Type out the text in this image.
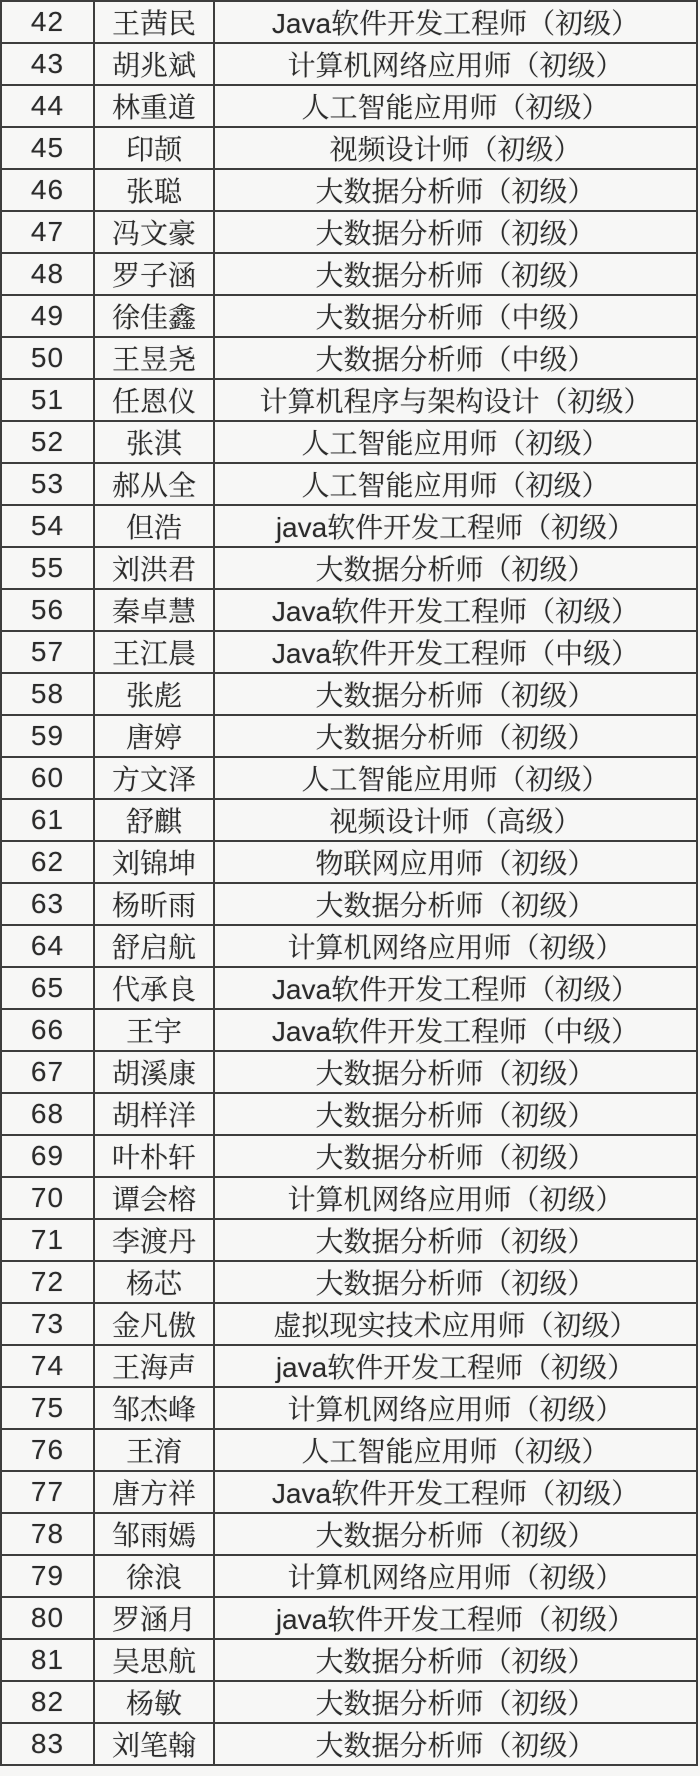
42	王茜民	Java软件开发工程师（初级）
43	胡兆斌	计算机网络应用师（初级）
44	林重道	人工智能应用师（初级）
45	印颉	视频设计师（初级）
46	张聪	大数据分析师（初级）
47	冯文豪	大数据分析师（初级）
48	罗子涵	大数据分析师（初级）
49	徐佳鑫	大数据分析师（中级）
50	王昱尧	大数据分析师（中级）
51	任恩仪	计算机程序与架构设计（初级）
52	张淇	人工智能应用师（初级）
53	郝从全	人工智能应用师（初级）
54	但浩	java软件开发工程师（初级）
55	刘洪君	大数据分析师（初级）
56	秦卓慧	Java软件开发工程师（初级）
57	王江晨	Java软件开发工程师（中级）
58	张彪	大数据分析师（初级）
59	唐婷	大数据分析师（初级）
60	方文泽	人工智能应用师（初级）
61	舒麒	视频设计师（高级）
62	刘锦坤	物联网应用师（初级）
63	杨昕雨	大数据分析师（初级）
64	舒启航	计算机网络应用师（初级）
65	代承良	Java软件开发工程师（初级）
66	王宇	Java软件开发工程师（中级）
67	胡溪康	大数据分析师（初级）
68	胡样洋	大数据分析师（初级）
69	叶朴轩	大数据分析师（初级）
70	谭会榕	计算机网络应用师（初级）
71	李渡丹	大数据分析师（初级）
72	杨芯	大数据分析师（初级）
73	金凡傲	虚拟现实技术应用师（初级）
74	王海声	java软件开发工程师（初级）
75	邹杰峰	计算机网络应用师（初级）
76	王淯	人工智能应用师（初级）
77	唐方祥	Java软件开发工程师（初级）
78	邹雨嫣	大数据分析师（初级）
79	徐浪	计算机网络应用师（初级）
80	罗涵月	java软件开发工程师（初级）
81	吴思航	大数据分析师（初级）
82	杨敏	大数据分析师（初级）
83	刘笔翰	大数据分析师（初级）
